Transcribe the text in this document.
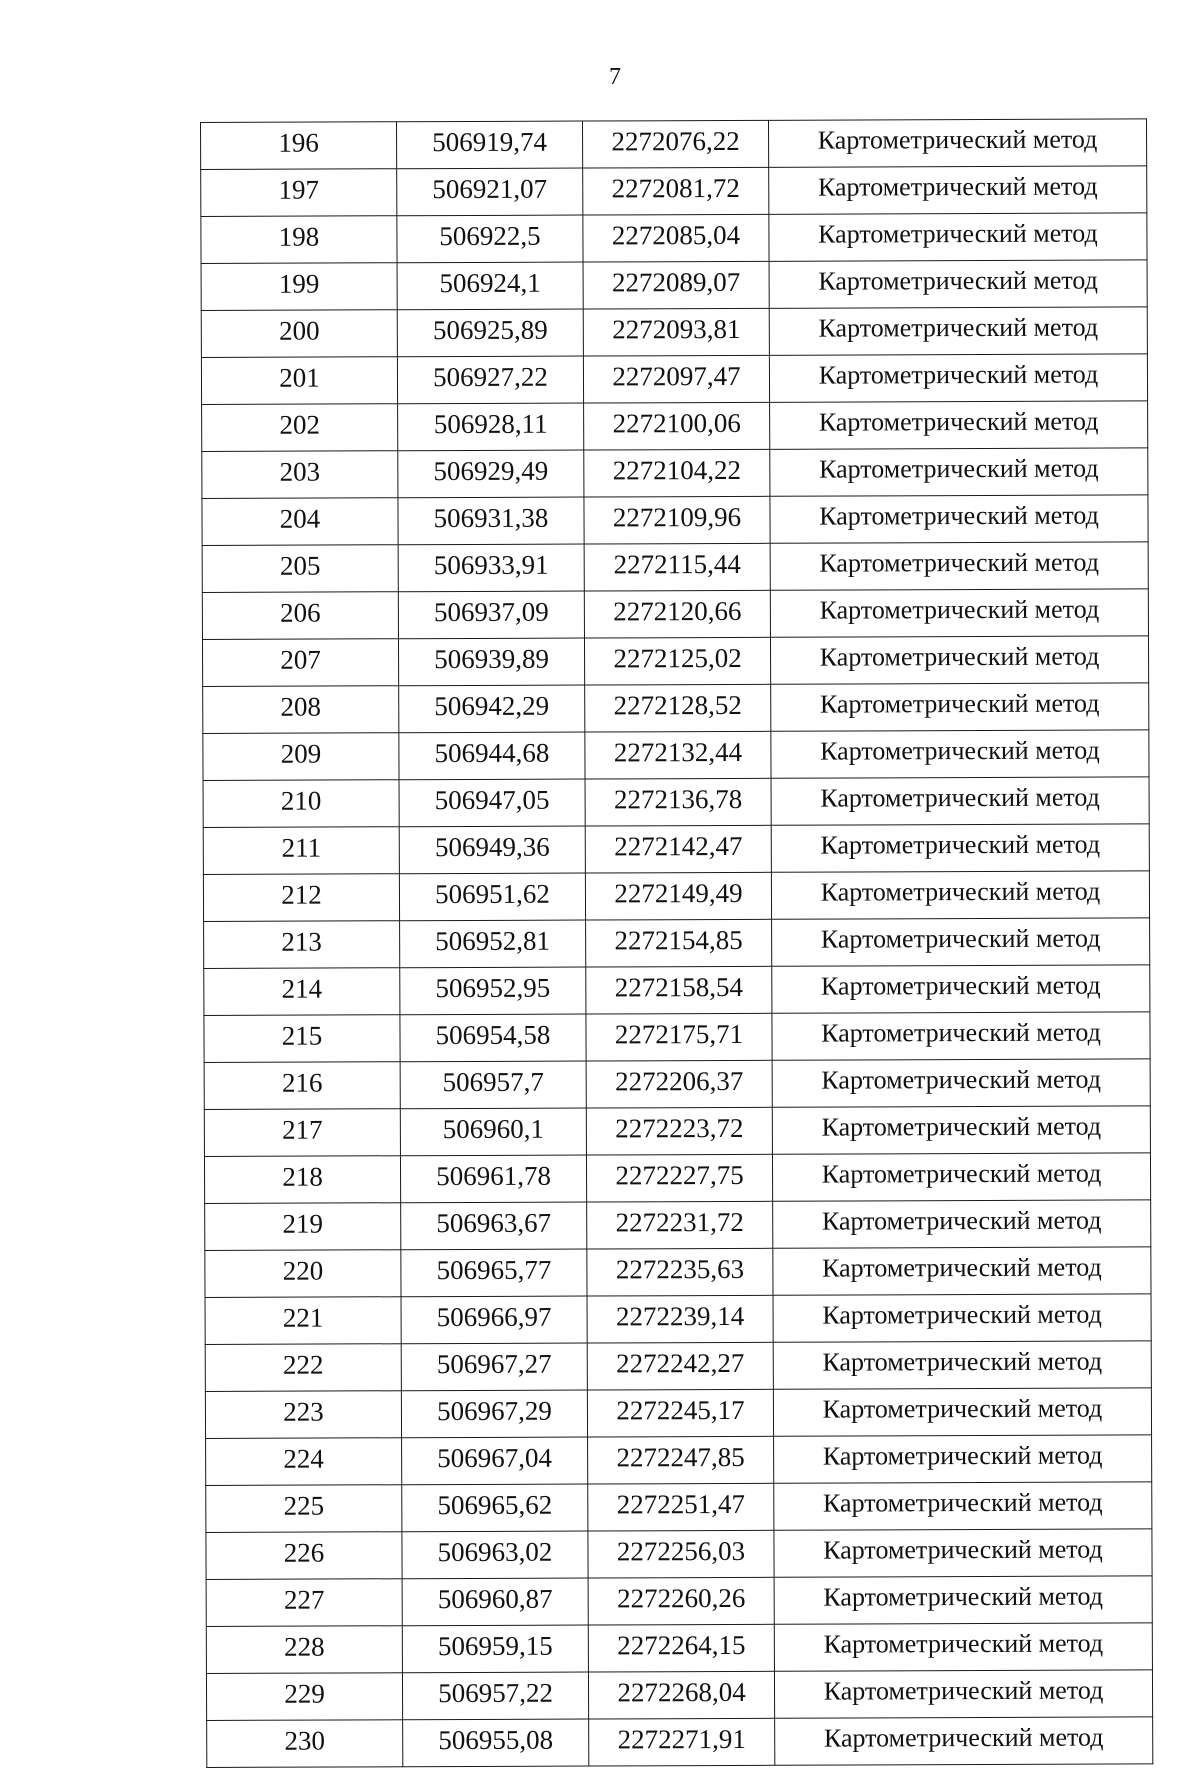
7
196	506919,74	2272076,22	Картометрический метод
197	506921,07	2272081,72	Картометрический метод
198	506922,5	2272085,04	Картометрический метод
199	506924,1	2272089,07	Картометрический метод
200	506925,89	2272093,81	Картометрический метод
201	506927,22	2272097,47	Картометрический метод
202	506928,11	2272100,06	Картометрический метод
203	506929,49	2272104,22	Картометрический метод
204	506931,38	2272109,96	Картометрический метод
205	506933,91	2272115,44	Картометрический метод
206	506937,09	2272120,66	Картометрический метод
207	506939,89	2272125,02	Картометрический метод
208	506942,29	2272128,52	Картометрический метод
209	506944,68	2272132,44	Картометрический метод
210	506947,05	2272136,78	Картометрический метод
211	506949,36	2272142,47	Картометрический метод
212	506951,62	2272149,49	Картометрический метод
213	506952,81	2272154,85	Картометрический метод
214	506952,95	2272158,54	Картометрический метод
215	506954,58	2272175,71	Картометрический метод
216	506957,7	2272206,37	Картометрический метод
217	506960,1	2272223,72	Картометрический метод
218	506961,78	2272227,75	Картометрический метод
219	506963,67	2272231,72	Картометрический метод
220	506965,77	2272235,63	Картометрический метод
221	506966,97	2272239,14	Картометрический метод
222	506967,27	2272242,27	Картометрический метод
223	506967,29	2272245,17	Картометрический метод
224	506967,04	2272247,85	Картометрический метод
225	506965,62	2272251,47	Картометрический метод
226	506963,02	2272256,03	Картометрический метод
227	506960,87	2272260,26	Картометрический метод
228	506959,15	2272264,15	Картометрический метод
229	506957,22	2272268,04	Картометрический метод
230	506955,08	2272271,91	Картометрический метод
